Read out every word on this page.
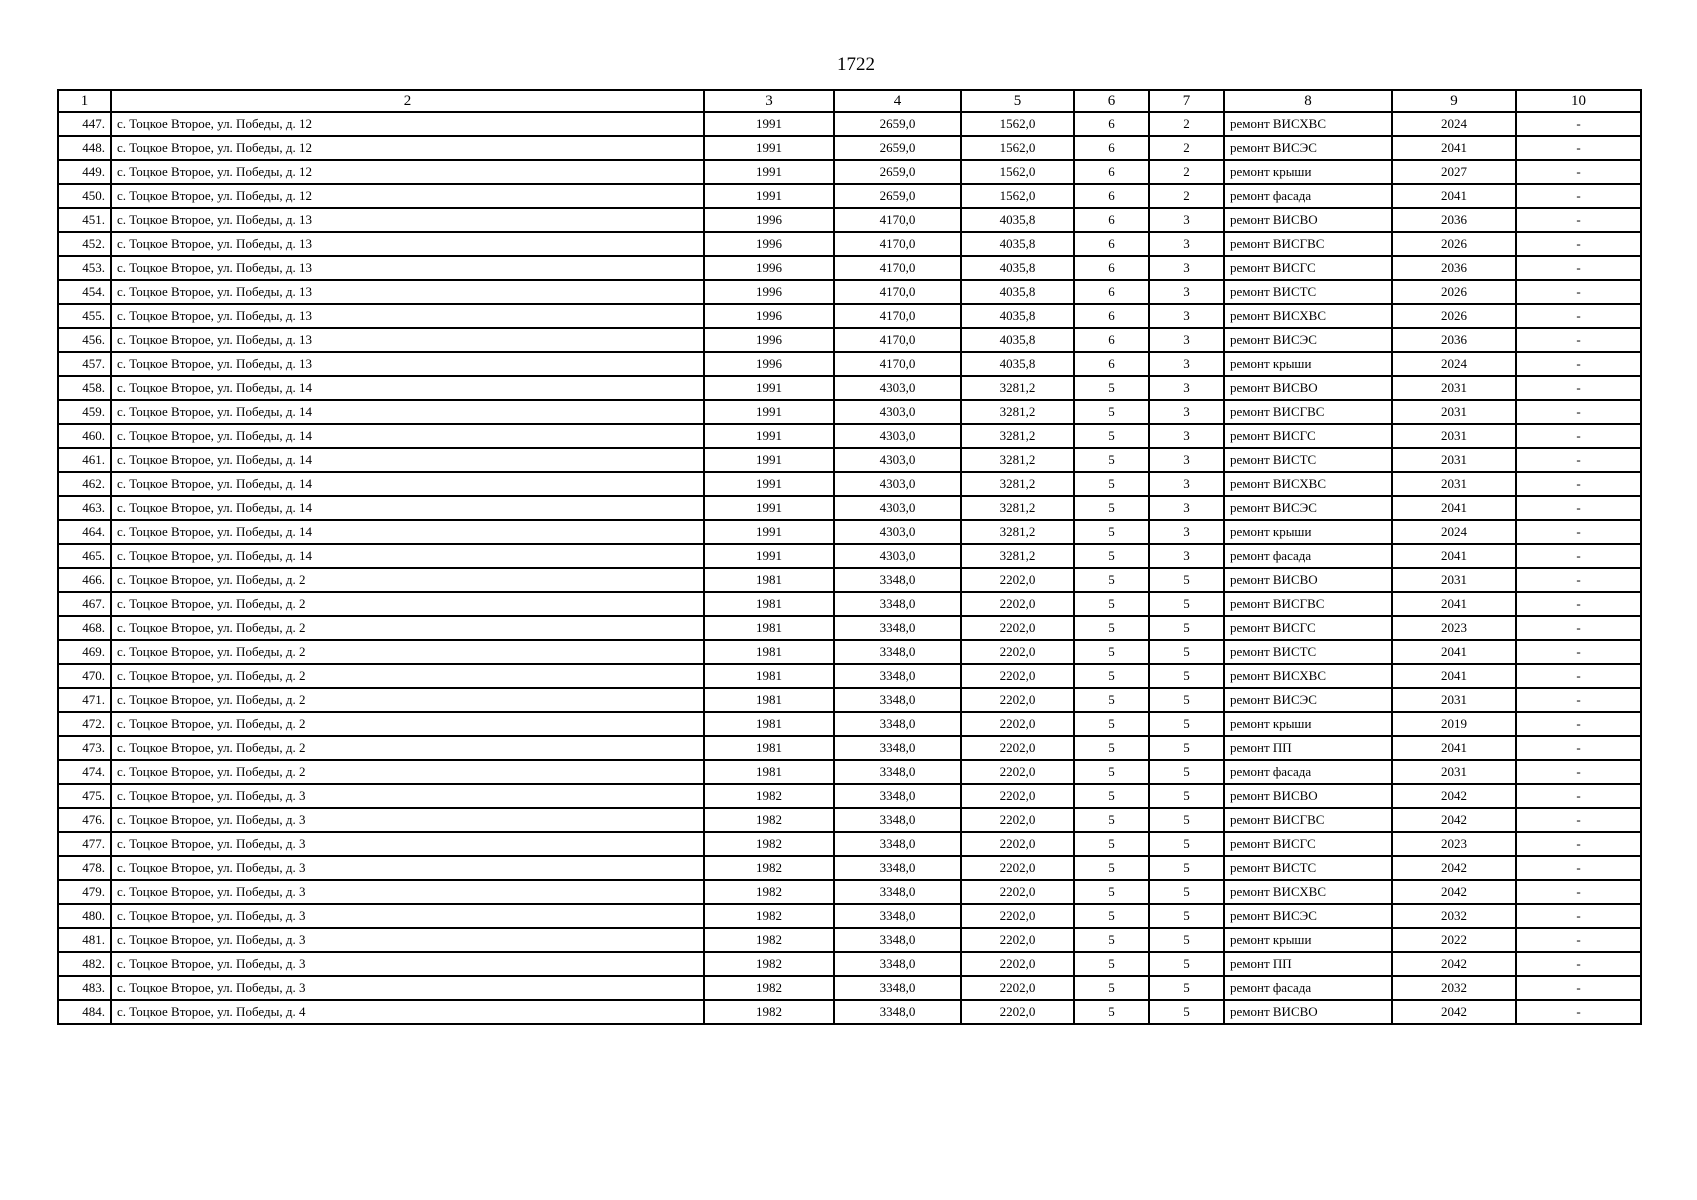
1722
1	2	3	4	5	6	7	8	9	10
447.	с. Тоцкое Второе, ул. Победы, д. 12	1991	2659,0	1562,0	6	2	ремонт ВИСХВС	2024	-
448.	с. Тоцкое Второе, ул. Победы, д. 12	1991	2659,0	1562,0	6	2	ремонт ВИСЭС	2041	-
449.	с. Тоцкое Второе, ул. Победы, д. 12	1991	2659,0	1562,0	6	2	ремонт крыши	2027	-
450.	с. Тоцкое Второе, ул. Победы, д. 12	1991	2659,0	1562,0	6	2	ремонт фасада	2041	-
451.	с. Тоцкое Второе, ул. Победы, д. 13	1996	4170,0	4035,8	6	3	ремонт ВИСВО	2036	-
452.	с. Тоцкое Второе, ул. Победы, д. 13	1996	4170,0	4035,8	6	3	ремонт ВИСГВС	2026	-
453.	с. Тоцкое Второе, ул. Победы, д. 13	1996	4170,0	4035,8	6	3	ремонт ВИСГС	2036	-
454.	с. Тоцкое Второе, ул. Победы, д. 13	1996	4170,0	4035,8	6	3	ремонт ВИСТС	2026	-
455.	с. Тоцкое Второе, ул. Победы, д. 13	1996	4170,0	4035,8	6	3	ремонт ВИСХВС	2026	-
456.	с. Тоцкое Второе, ул. Победы, д. 13	1996	4170,0	4035,8	6	3	ремонт ВИСЭС	2036	-
457.	с. Тоцкое Второе, ул. Победы, д. 13	1996	4170,0	4035,8	6	3	ремонт крыши	2024	-
458.	с. Тоцкое Второе, ул. Победы, д. 14	1991	4303,0	3281,2	5	3	ремонт ВИСВО	2031	-
459.	с. Тоцкое Второе, ул. Победы, д. 14	1991	4303,0	3281,2	5	3	ремонт ВИСГВС	2031	-
460.	с. Тоцкое Второе, ул. Победы, д. 14	1991	4303,0	3281,2	5	3	ремонт ВИСГС	2031	-
461.	с. Тоцкое Второе, ул. Победы, д. 14	1991	4303,0	3281,2	5	3	ремонт ВИСТС	2031	-
462.	с. Тоцкое Второе, ул. Победы, д. 14	1991	4303,0	3281,2	5	3	ремонт ВИСХВС	2031	-
463.	с. Тоцкое Второе, ул. Победы, д. 14	1991	4303,0	3281,2	5	3	ремонт ВИСЭС	2041	-
464.	с. Тоцкое Второе, ул. Победы, д. 14	1991	4303,0	3281,2	5	3	ремонт крыши	2024	-
465.	с. Тоцкое Второе, ул. Победы, д. 14	1991	4303,0	3281,2	5	3	ремонт фасада	2041	-
466.	с. Тоцкое Второе, ул. Победы, д. 2	1981	3348,0	2202,0	5	5	ремонт ВИСВО	2031	-
467.	с. Тоцкое Второе, ул. Победы, д. 2	1981	3348,0	2202,0	5	5	ремонт ВИСГВС	2041	-
468.	с. Тоцкое Второе, ул. Победы, д. 2	1981	3348,0	2202,0	5	5	ремонт ВИСГС	2023	-
469.	с. Тоцкое Второе, ул. Победы, д. 2	1981	3348,0	2202,0	5	5	ремонт ВИСТС	2041	-
470.	с. Тоцкое Второе, ул. Победы, д. 2	1981	3348,0	2202,0	5	5	ремонт ВИСХВС	2041	-
471.	с. Тоцкое Второе, ул. Победы, д. 2	1981	3348,0	2202,0	5	5	ремонт ВИСЭС	2031	-
472.	с. Тоцкое Второе, ул. Победы, д. 2	1981	3348,0	2202,0	5	5	ремонт крыши	2019	-
473.	с. Тоцкое Второе, ул. Победы, д. 2	1981	3348,0	2202,0	5	5	ремонт ПП	2041	-
474.	с. Тоцкое Второе, ул. Победы, д. 2	1981	3348,0	2202,0	5	5	ремонт фасада	2031	-
475.	с. Тоцкое Второе, ул. Победы, д. 3	1982	3348,0	2202,0	5	5	ремонт ВИСВО	2042	-
476.	с. Тоцкое Второе, ул. Победы, д. 3	1982	3348,0	2202,0	5	5	ремонт ВИСГВС	2042	-
477.	с. Тоцкое Второе, ул. Победы, д. 3	1982	3348,0	2202,0	5	5	ремонт ВИСГС	2023	-
478.	с. Тоцкое Второе, ул. Победы, д. 3	1982	3348,0	2202,0	5	5	ремонт ВИСТС	2042	-
479.	с. Тоцкое Второе, ул. Победы, д. 3	1982	3348,0	2202,0	5	5	ремонт ВИСХВС	2042	-
480.	с. Тоцкое Второе, ул. Победы, д. 3	1982	3348,0	2202,0	5	5	ремонт ВИСЭС	2032	-
481.	с. Тоцкое Второе, ул. Победы, д. 3	1982	3348,0	2202,0	5	5	ремонт крыши	2022	-
482.	с. Тоцкое Второе, ул. Победы, д. 3	1982	3348,0	2202,0	5	5	ремонт ПП	2042	-
483.	с. Тоцкое Второе, ул. Победы, д. 3	1982	3348,0	2202,0	5	5	ремонт фасада	2032	-
484.	с. Тоцкое Второе, ул. Победы, д. 4	1982	3348,0	2202,0	5	5	ремонт ВИСВО	2042	-
